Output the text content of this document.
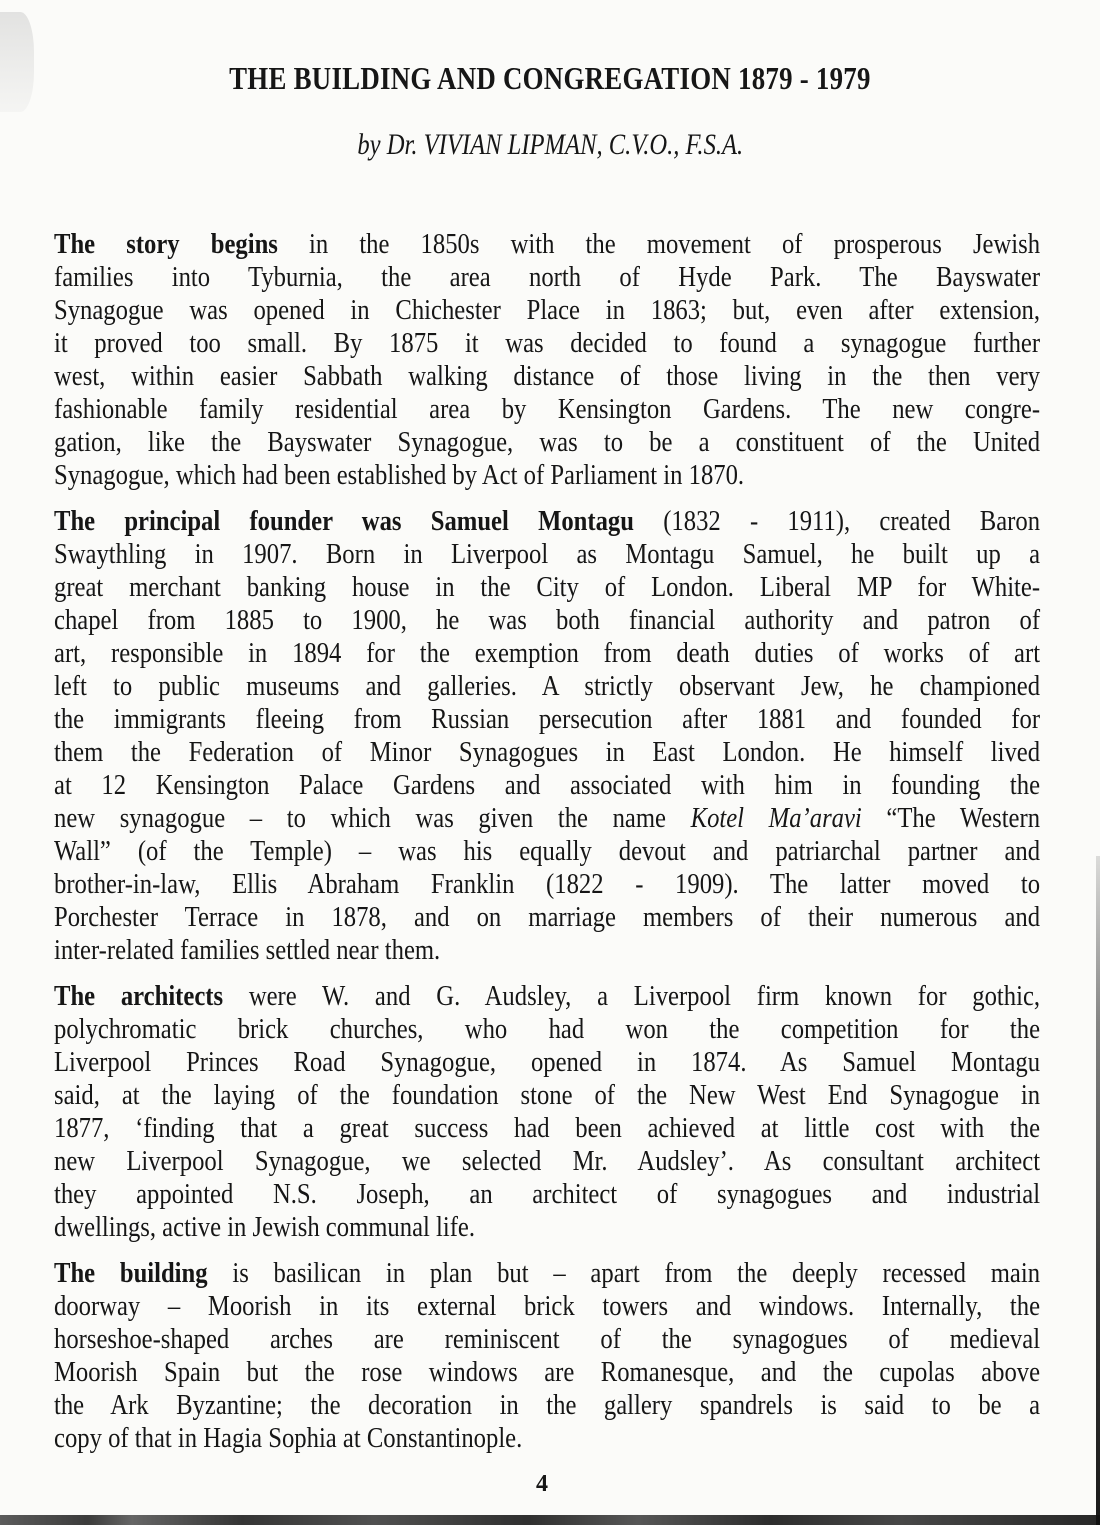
THE BUILDING AND CONGREGATION 1879 - 1979
by Dr. VIVIAN LIPMAN, C.V.O., F.S.A.
The story begins in the 1850s with the movement of prosperous Jewish
families into Tyburnia, the area north of Hyde Park. The Bayswater
Synagogue was opened in Chichester Place in 1863; but, even after extension,
it proved too small. By 1875 it was decided to found a synagogue further
west, within easier Sabbath walking distance of those living in the then very
fashionable family residential area by Kensington Gardens. The new congre-
gation, like the Bayswater Synagogue, was to be a constituent of the United
Synagogue, which had been established by Act of Parliament in 1870.
The principal founder was Samuel Montagu (1832 - 1911), created Baron
Swaythling in 1907. Born in Liverpool as Montagu Samuel, he built up a
great merchant banking house in the City of London. Liberal MP for White-
chapel from 1885 to 1900, he was both financial authority and patron of
art, responsible in 1894 for the exemption from death duties of works of art
left to public museums and galleries. A strictly observant Jew, he championed
the immigrants fleeing from Russian persecution after 1881 and founded for
them the Federation of Minor Synagogues in East London. He himself lived
at 12 Kensington Palace Gardens and associated with him in founding the
new synagogue – to which was given the name Kotel Ma’aravi “The Western
Wall” (of the Temple) – was his equally devout and patriarchal partner and
brother-in-law, Ellis Abraham Franklin (1822 - 1909). The latter moved to
Porchester Terrace in 1878, and on marriage members of their numerous and
inter-related families settled near them.
The architects were W. and G. Audsley, a Liverpool firm known for gothic,
polychromatic brick churches, who had won the competition for the
Liverpool Princes Road Synagogue, opened in 1874. As Samuel Montagu
said, at the laying of the foundation stone of the New West End Synagogue in
1877, ‘finding that a great success had been achieved at little cost with the
new Liverpool Synagogue, we selected Mr. Audsley’. As consultant architect
they appointed N.S. Joseph, an architect of synagogues and industrial
dwellings, active in Jewish communal life.
The building is basilican in plan but – apart from the deeply recessed main
doorway – Moorish in its external brick towers and windows. Internally, the
horseshoe-shaped arches are reminiscent of the synagogues of medieval
Moorish Spain but the rose windows are Romanesque, and the cupolas above
the Ark Byzantine; the decoration in the gallery spandrels is said to be a
copy of that in Hagia Sophia at Constantinople.
4
